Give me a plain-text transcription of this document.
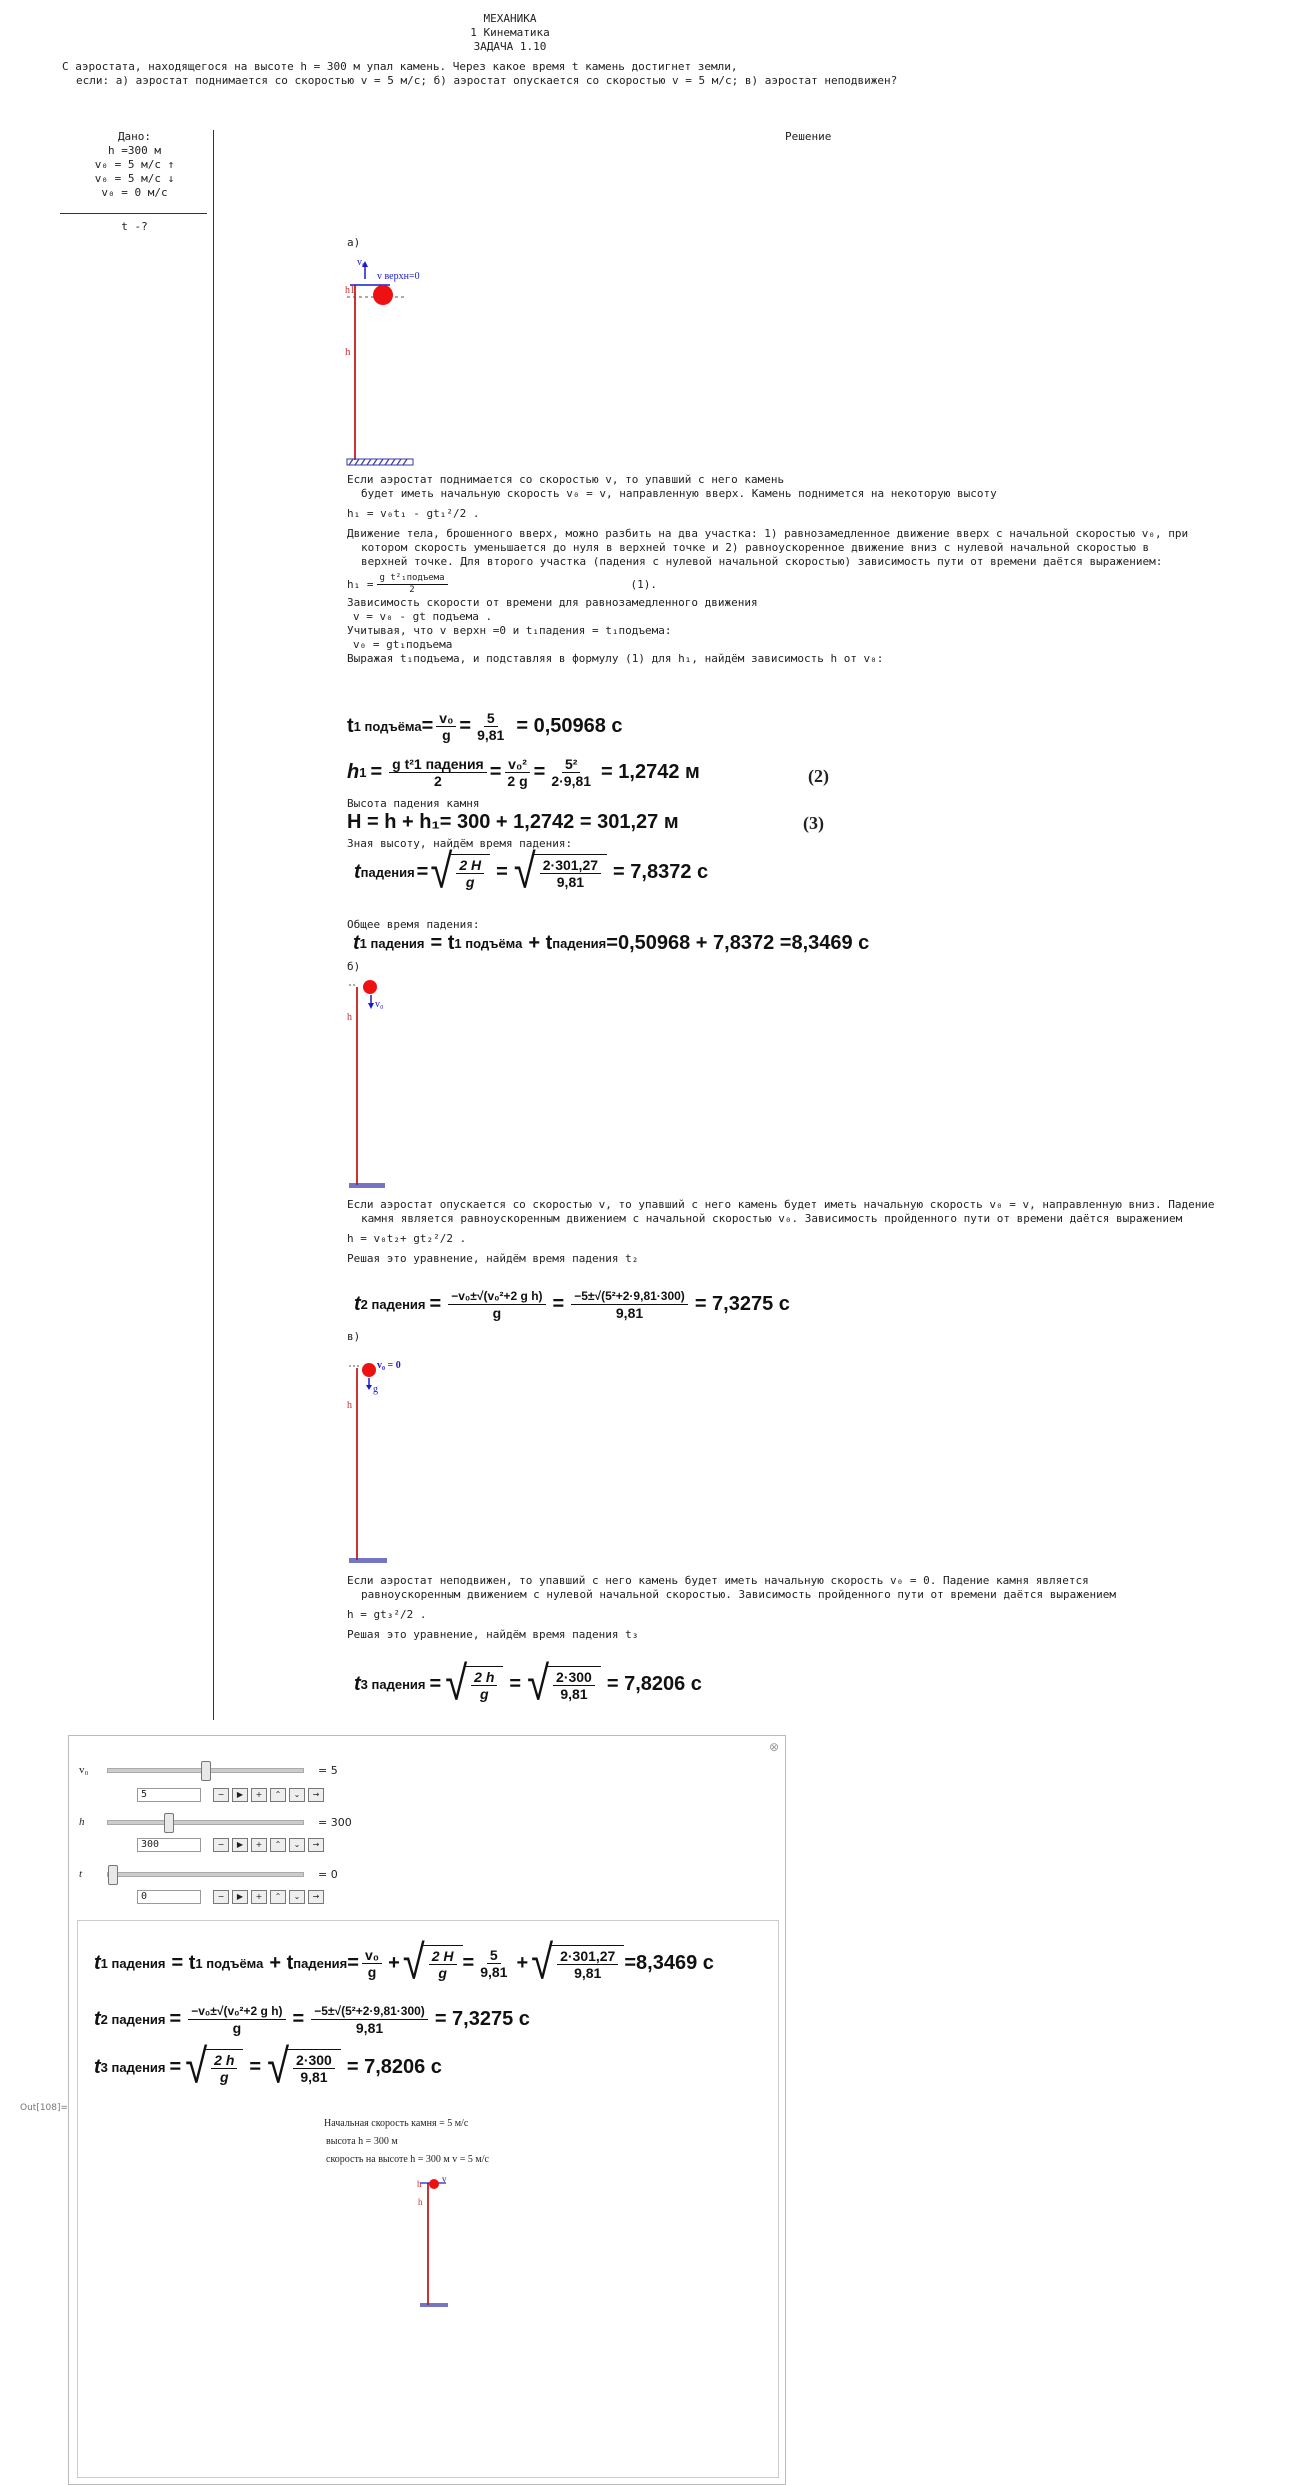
МЕХАНИКА
1 Кинематика
ЗАДАЧА 1.10
С аэростата, находящегося на высоте h = 300 м упал камень. Через какое время t камень достигнет земли,
если: а) аэростат поднимается со скоростью v = 5 м/с; б) аэростат опускается со скоростью v = 5 м/с; в) аэростат неподвижен?
Дано:
h =300 м
v₀ = 5 м/с ↑
v₀ = 5 м/с ↓
v₀ = 0 м/с
t -?
Решение
а)
v₀
v верхн=0
h1
h
Если аэростат поднимается со скоростью v, то упавший с него камень
будет иметь начальную скорость v₀ = v, направленную вверх. Камень поднимется на некоторую высоту
h₁ = v₀t₁ - gt₁²/2 .
Движение тела, брошенного вверх, можно разбить на два участка: 1) равнозамедленное движение вверх с начальной скоростью v₀, при
котором скорость уменьшается до нуля в верхней точке и 2) равноускоренное движение вниз с нулевой начальной скоростью в
верхней точке. Для второго участка (падения с нулевой начальной скоростью) зависимость пути от времени даётся выражением:
$h_1 = \frac{\text{g t²₁подъема}}{2}$	(1).
Зависимость скорости от времени для равнозамедленного движения
v = v₀ - gt подъема .
Учитывая, что v верхн =0 и t₁падения = t₁подъема:
v₀ = gt₁подъема
Выражая t₁подъема, и подставляя в формулу (1) для h₁, найдём зависимость h от v₀:
t 1 подъёма = $\frac{\text{v₀}}{g} = \frac{5}{9,81} = 0,50968$ с
h $1 = \frac{\text{g t²1 падения}}{2} = \frac{\text{v₀²}}{2 g} = \frac{\text{5²}}{2\cdot 9,81} = 1,2742$ м	(2)
Высота падения камня
H = h + h₁= 300 + 1,2742 = 301,27 м	(3)
Зная высоту, найдём время падения:
t падения = √ $\frac{2 H}{g}$ = √ $\frac{2\cdot 301,27}{9,81} = 7,8372$ с
Общее время падения:
t 1 падения = t 1 подъёма + t падения =0,50968 + 7,8372 =8,3469 с
б)
v₀
h
Если аэростат опускается со скоростью v, то упавший с него камень будет иметь начальную скорость v₀ = v, направленную вниз. Падение
камня является равноускоренным движением с начальной скоростью v₀. Зависимость пройденного пути от времени даётся выражением
h = v₀t₂+ gt₂²/2 .
Решая это уравнение, найдём время падения t₂
t 2 падения = $\frac{\text{−v₀±√(v₀²+2 g h)}}{g} = \frac{\text{−5±√(5²+2·9,81·300)}}{9,81} = 7,3275$ с
в)
v₀ = 0
g
h
Если аэростат неподвижен, то упавший с него камень будет иметь начальную скорость v₀ = 0. Падение камня является
равноускоренным движением с нулевой начальной скоростью. Зависимость пройденного пути от времени даётся выражением
h = gt₃²/2 .
Решая это уравнение, найдём время падения t₃
t 3 падения = √ $\frac{2 h}{g}$ = √ $\frac{2\cdot 300}{9,81} = 7,8206$ с
Out[108]=
⊗
v₀	= 5
5	−	▶	+	⌃	⌄	→
h	= 300
300	−	▶	+	⌃	⌄	→
t	= 0
0	−	▶	+	⌃	⌄	→
t 1 падения = t 1 подъёма + t падения = $\frac{\text{v₀}}{g}$ + √ $\frac{2 H}{g} = \frac{5}{9,81}$ + √ $\frac{2\cdot 301,27}{9,81} =8,3469$ с
t 2 падения = $\frac{\text{−v₀±√(v₀²+2 g h)}}{g} = \frac{\text{−5±√(5²+2·9,81·300)}}{9,81} = 7,3275$ с
t 3 падения = √ $\frac{2 h}{g}$ = √ $\frac{2\cdot 300}{9,81} = 7,8206$ с
Начальная скорость камня = 5 м/с
высота h = 300 м
скорость на высоте h = 300 м v = 5 м/с
h v
h
